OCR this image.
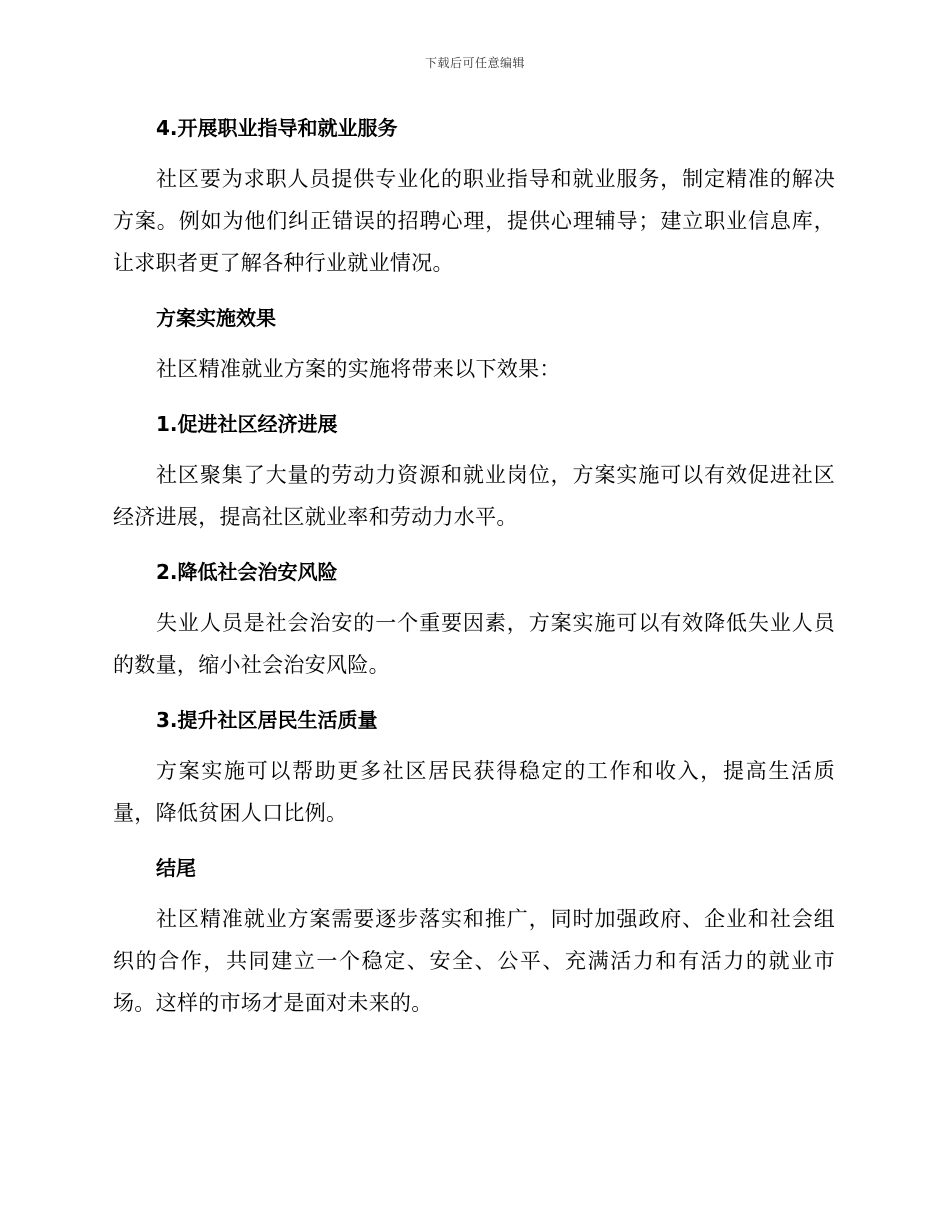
下载后可任意编辑
4.开展职业指导和就业服务

社区要为求职人员提供专业化的职业指导和就业服务，制定精准的解决方案。例如为他们纠正错误的招聘心理，提供心理辅导；建立职业信息库，让求职者更了解各种行业就业情况。

方案实施效果

社区精准就业方案的实施将带来以下效果：

1.促进社区经济进展

社区聚集了大量的劳动力资源和就业岗位，方案实施可以有效促进社区经济进展，提高社区就业率和劳动力水平。

2.降低社会治安风险

失业人员是社会治安的一个重要因素，方案实施可以有效降低失业人员的数量，缩小社会治安风险。

3.提升社区居民生活质量

方案实施可以帮助更多社区居民获得稳定的工作和收入，提高生活质量，降低贫困人口比例。

结尾

社区精准就业方案需要逐步落实和推广，同时加强政府、企业和社会组织的合作，共同建立一个稳定、安全、公平、充满活力和有活力的就业市场。这样的市场才是面对未来的。
